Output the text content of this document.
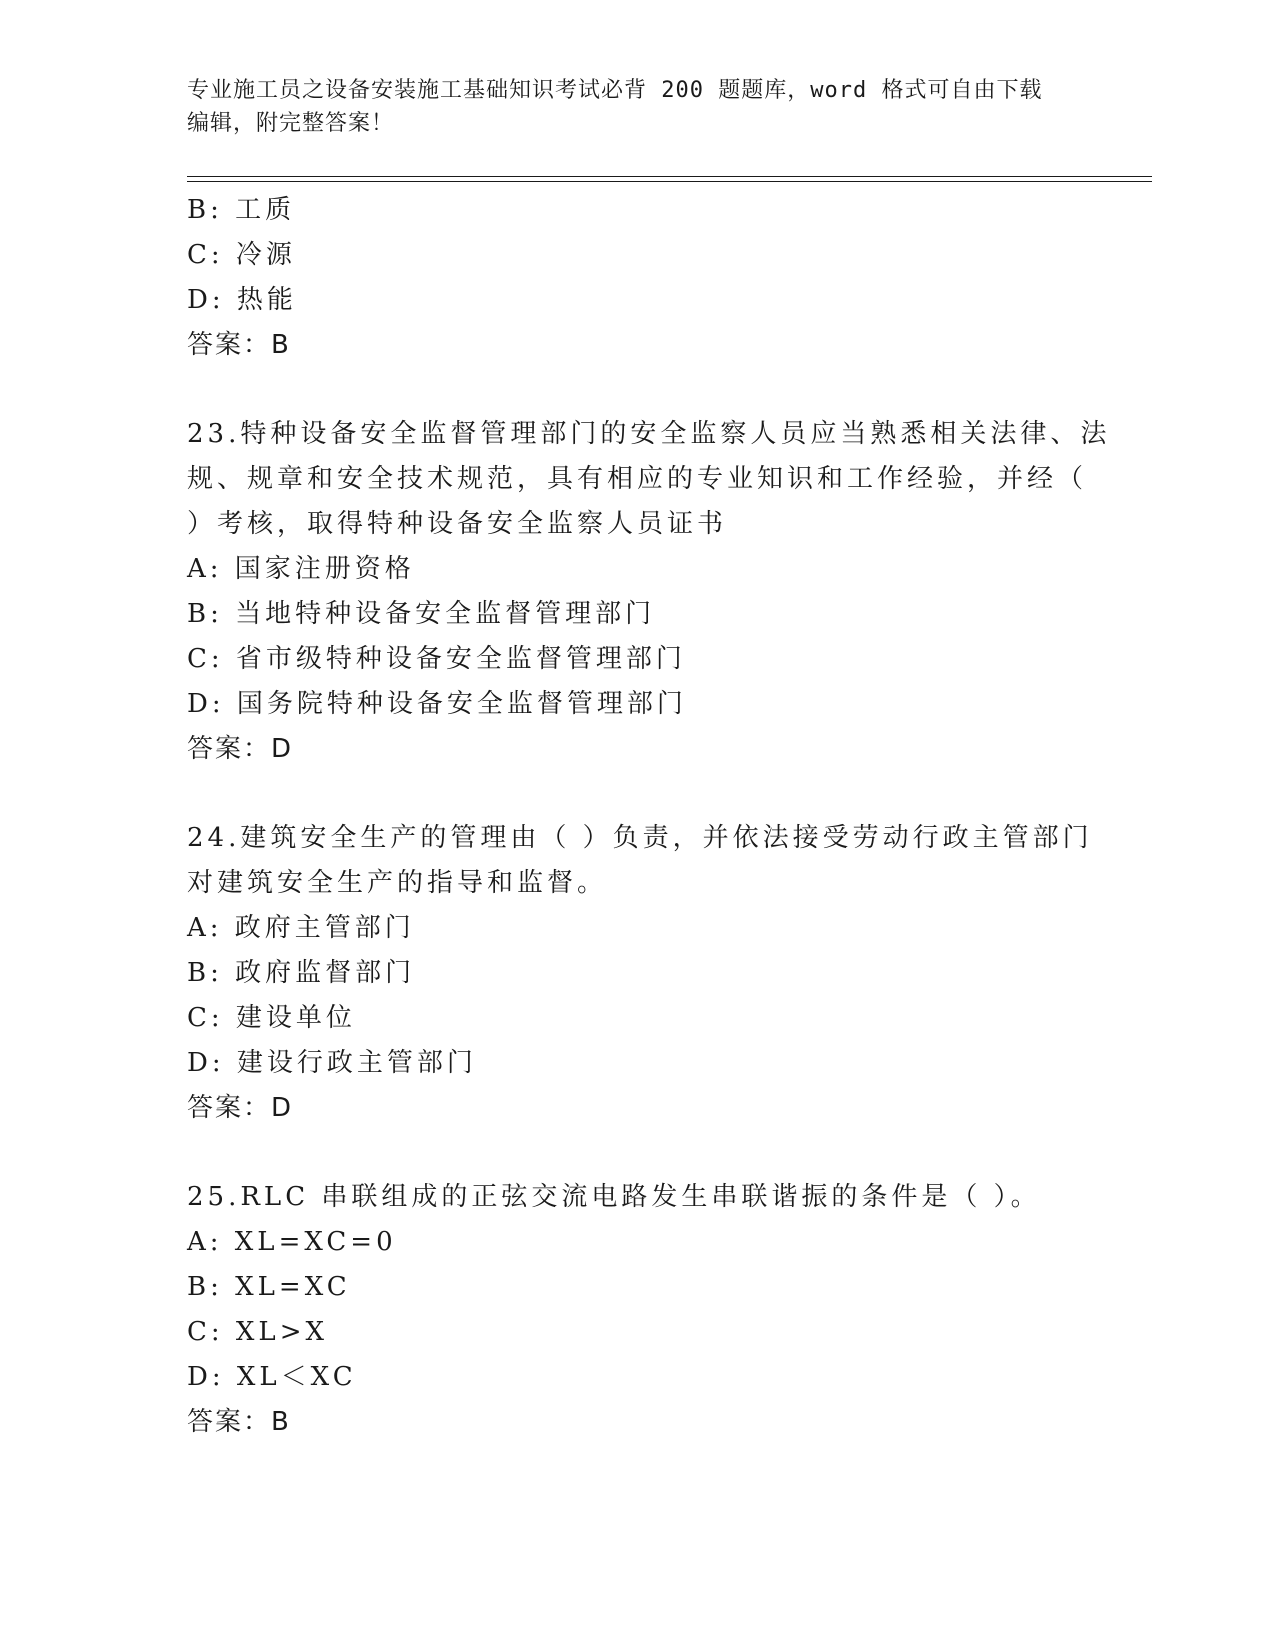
专业施工员之设备安装施工基础知识考试必背 200 题题库，word 格式可自由下载
编辑，附完整答案！
B: 工质
C: 冷源
D: 热能
答案：B
23.特种设备安全监督管理部门的安全监察人员应当熟悉相关法律、法
规、规章和安全技术规范，具有相应的专业知识和工作经验，并经（
）考核，取得特种设备安全监察人员证书
A: 国家注册资格
B: 当地特种设备安全监督管理部门
C: 省市级特种设备安全监督管理部门
D: 国务院特种设备安全监督管理部门
答案：D
24.建筑安全生产的管理由（ ）负责，并依法接受劳动行政主管部门
对建筑安全生产的指导和监督。
A: 政府主管部门
B: 政府监督部门
C: 建设单位
D: 建设行政主管部门
答案：D
25.RLC 串联组成的正弦交流电路发生串联谐振的条件是（ ）。
A: XL=XC=0
B: XL=XC
C: XL>X
D: XL＜XC
答案：B
